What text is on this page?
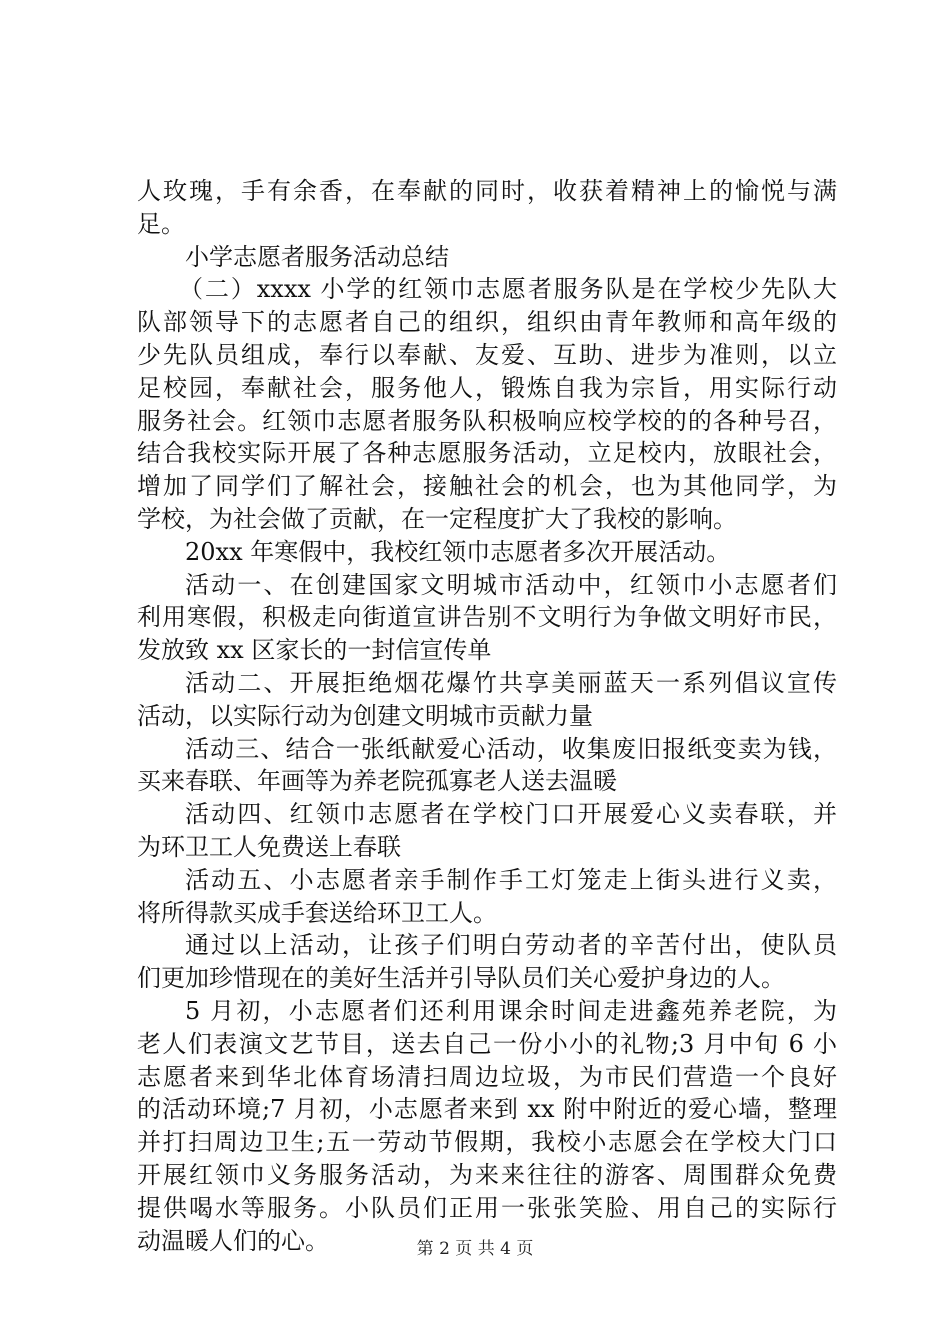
人玫瑰，手有余香，在奉献的同时，收获着精神上的愉悦与满
足。
小学志愿者服务活动总结
（二）xxxx 小学的红领巾志愿者服务队是在学校少先队大
队部领导下的志愿者自己的组织，组织由青年教师和高年级的
少先队员组成，奉行以奉献、友爱、互助、进步为准则，以立
足校园，奉献社会，服务他人，锻炼自我为宗旨，用实际行动
服务社会。红领巾志愿者服务队积极响应校学校的的各种号召，
结合我校实际开展了各种志愿服务活动，立足校内，放眼社会，
增加了同学们了解社会，接触社会的机会，也为其他同学，为
学校，为社会做了贡献，在一定程度扩大了我校的影响。
20xx 年寒假中，我校红领巾志愿者多次开展活动。
活动一、在创建国家文明城市活动中，红领巾小志愿者们
利用寒假，积极走向街道宣讲告别不文明行为争做文明好市民，
发放致 xx 区家长的一封信宣传单
活动二、开展拒绝烟花爆竹共享美丽蓝天一系列倡议宣传
活动，以实际行动为创建文明城市贡献力量
活动三、结合一张纸献爱心活动，收集废旧报纸变卖为钱，
买来春联、年画等为养老院孤寡老人送去温暖
活动四、红领巾志愿者在学校门口开展爱心义卖春联，并
为环卫工人免费送上春联
活动五、小志愿者亲手制作手工灯笼走上街头进行义卖，
将所得款买成手套送给环卫工人。
通过以上活动，让孩子们明白劳动者的辛苦付出，使队员
们更加珍惜现在的美好生活并引导队员们关心爱护身边的人。
5 月初，小志愿者们还利用课余时间走进鑫苑养老院，为
老人们表演文艺节目，送去自己一份小小的礼物;3 月中旬 6 小
志愿者来到华北体育场清扫周边垃圾，为市民们营造一个良好
的活动环境;7 月初，小志愿者来到 xx 附中附近的爱心墙，整理
并打扫周边卫生;五一劳动节假期，我校小志愿会在学校大门口
开展红领巾义务服务活动，为来来往往的游客、周围群众免费
提供喝水等服务。小队员们正用一张张笑脸、用自己的实际行
动温暖人们的心。	第 2 页 共 4 页
